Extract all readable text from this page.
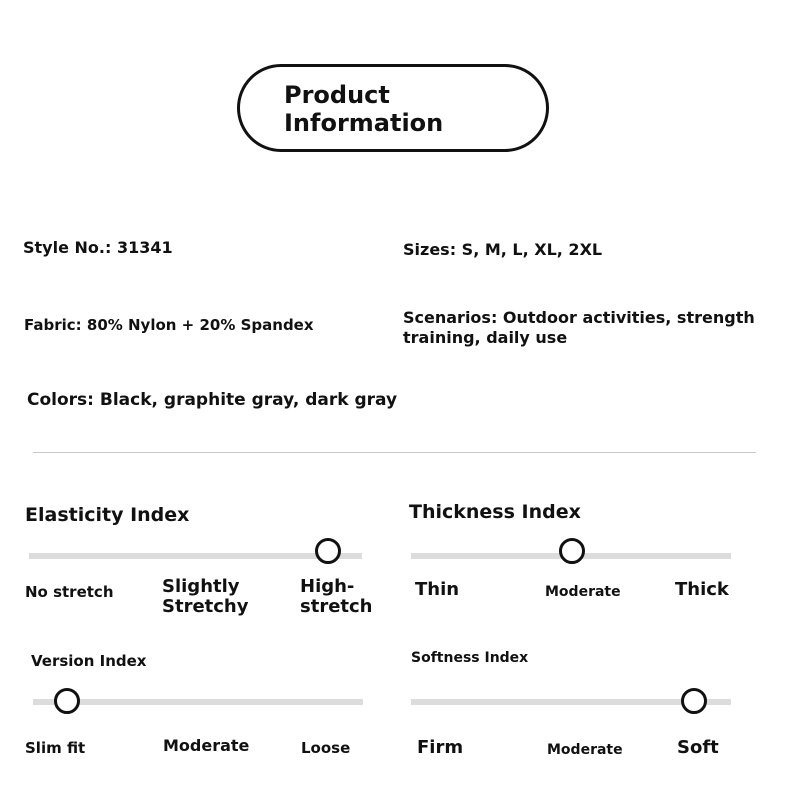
Product Information
Style No.: 31341	Sizes: S, M, L, XL, 2XL
Fabric: 80% Nylon + 20% Spandex	Scenarios: Outdoor activities, strength training, daily use
Colors: Black, graphite gray, dark gray
Elasticity Index
No stretch	Slightly Stretchy
High-stretch
Thickness Index
Thin	Moderate	Thick
Version Index
Slim fit	Moderate	Loose
Softness Index
Firm	Moderate	Soft
